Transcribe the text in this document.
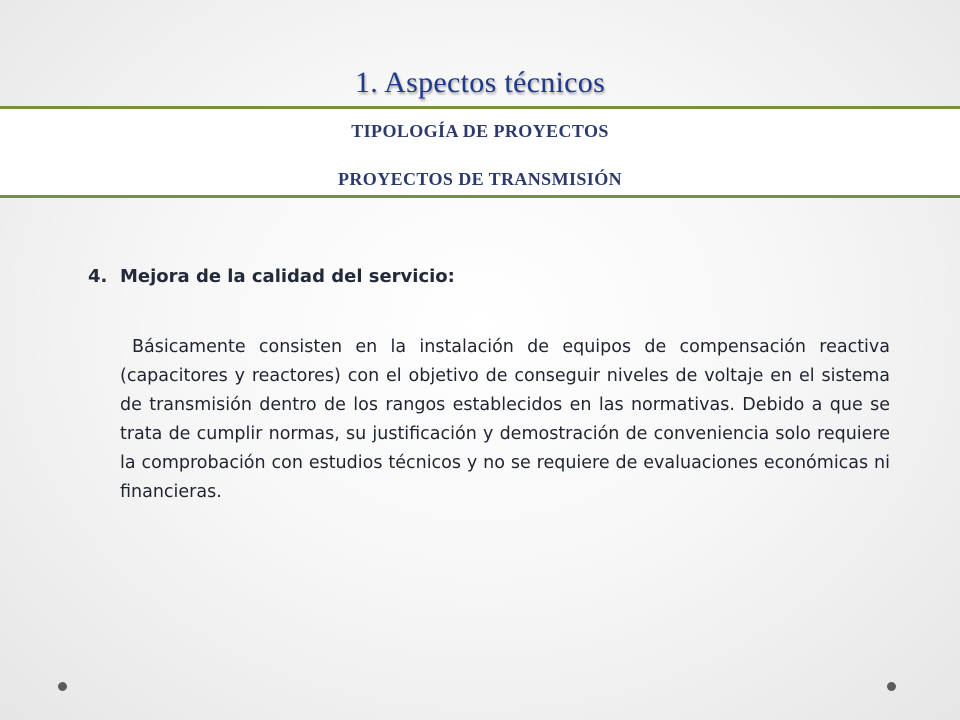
1. Aspectos técnicos
TIPOLOGÍA DE PROYECTOS
PROYECTOS DE TRANSMISIÓN
4. Mejora de la calidad del servicio:

Básicamente consisten en la instalación de equipos de compensación reactiva (capacitores y reactores) con el objetivo de conseguir niveles de voltaje en el sistema de transmisión dentro de los rangos establecidos en las normativas. Debido a que se trata de cumplir normas, su justificación y demostración de conveniencia solo requiere la comprobación con estudios técnicos y no se requiere de evaluaciones económicas ni financieras.
